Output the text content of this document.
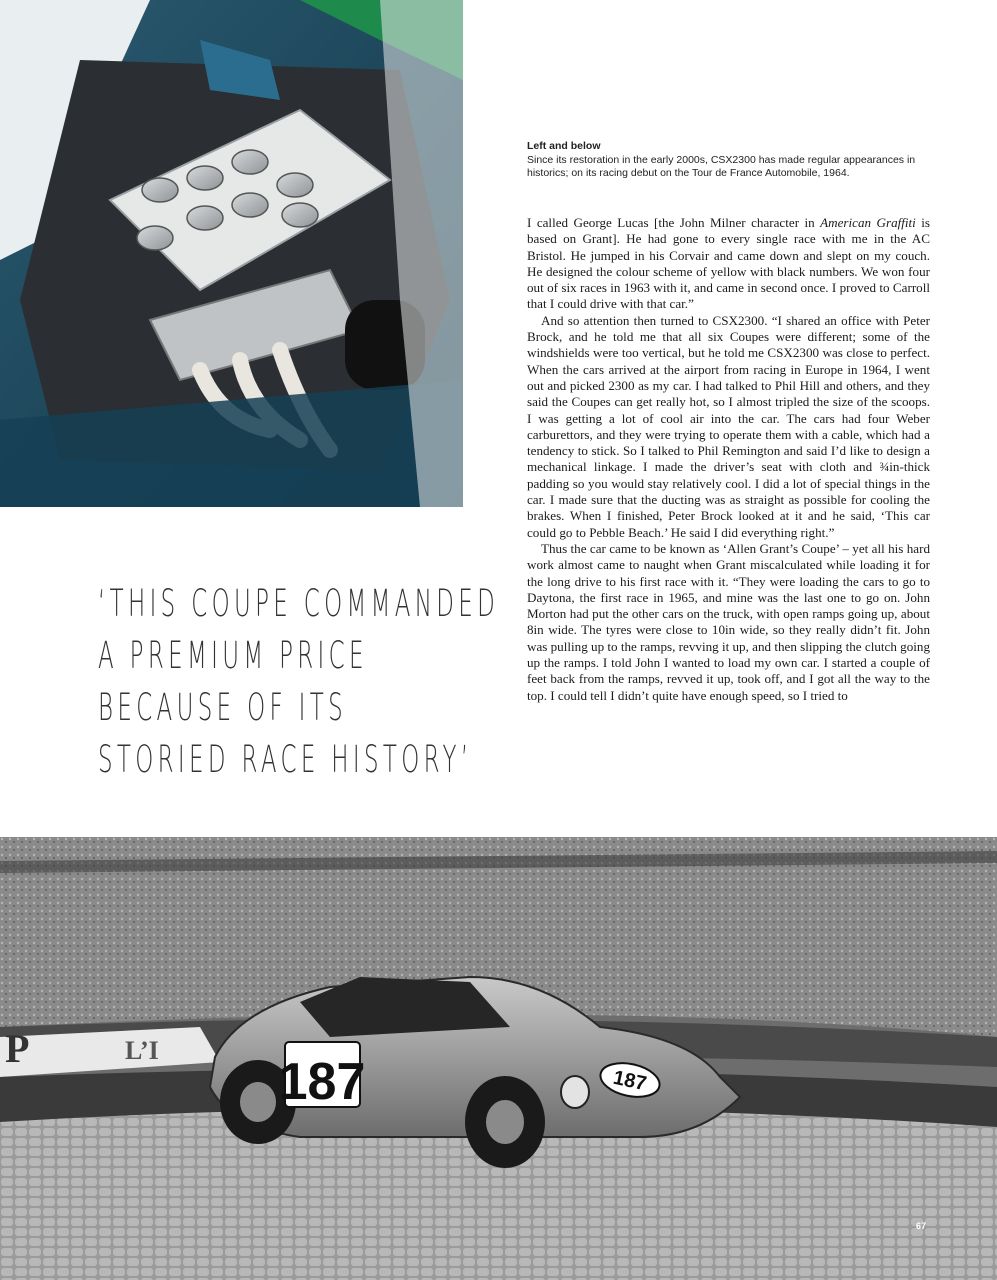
Left and below
Since its restoration in the early 2000s, CSX2300 has made regular appearances in historics; on its racing debut on the Tour de France Automobile, 1964.
‘THIS COUPE COMMANDED
A PREMIUM PRICE
BECAUSE OF ITS
STORIED RACE HISTORY’

I called George Lucas [the John Milner character in American Graffiti is based on Grant]. He had gone to every single race with me in the AC Bristol. He jumped in his Corvair and came down and slept on my couch. He designed the colour scheme of yellow with black numbers. We won four out of six races in 1963 with it, and came in second once. I proved to Carroll that I could drive with that car.”

And so attention then turned to CSX2300. “I shared an office with Peter Brock, and he told me that all six Coupes were different; some of the windshields were too vertical, but he told me CSX2300 was close to perfect. When the cars arrived at the airport from racing in Europe in 1964, I went out and picked 2300 as my car. I had talked to Phil Hill and others, and they said the Coupes can get really hot, so I almost tripled the size of the scoops. I was getting a lot of cool air into the car. The cars had four Weber carburettors, and they were trying to operate them with a cable, which had a tendency to stick. So I talked to Phil Remington and said I’d like to design a mechanical linkage. I made the driver’s seat with cloth and ¾in-thick padding so you would stay relatively cool. I did a lot of special things in the car. I made sure that the ducting was as straight as possible for cooling the brakes. When I finished, Peter Brock looked at it and he said, ‘This car could go to Pebble Beach.’ He said I did everything right.”

Thus the car came to be known as ‘Allen Grant’s Coupe’ – yet all his hard work almost came to naught when Grant miscalculated while loading it for the long drive to his first race with it. “They were loading the cars to go to Daytona, the first race in 1965, and mine was the last one to go on. John Morton had put the other cars on the truck, with open ramps going up, about 8in wide. The tyres were close to 10in wide, so they really didn’t fit. John was pulling up to the ramps, revving it up, and then slipping the clutch going up the ramps. I told John I wanted to load my own car. I started a couple of feet back from the ramps, revved it up, took off, and I got all the way to the top. I could tell I didn’t quite have enough speed, so I tried to

P	L’I
187	187
67
